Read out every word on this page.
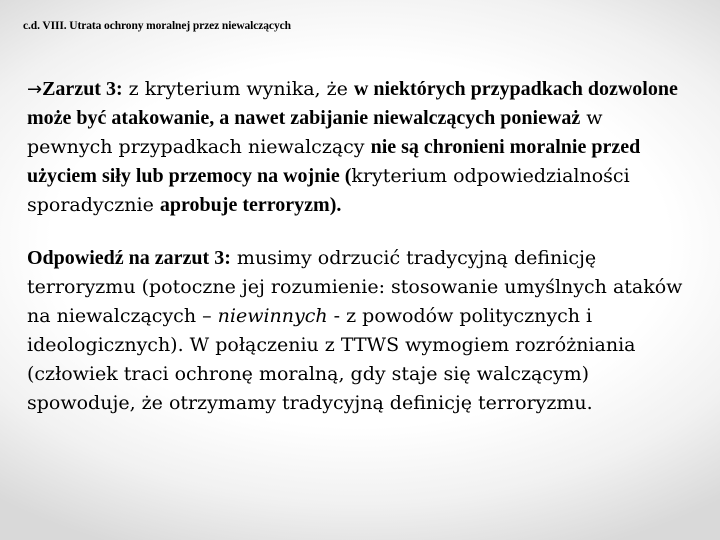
c.d. VIII. Utrata ochrony moralnej przez niewalczących

→Zarzut 3: z kryterium wynika, że w niektórych przypadkach dozwolone może być atakowanie, a nawet zabijanie niewalczących ponieważ w pewnych przypadkach niewalczący nie są chronieni moralnie przed użyciem siły lub przemocy na wojnie (kryterium odpowiedzialności sporadycznie aprobuje terroryzm).

Odpowiedź na zarzut 3: musimy odrzucić tradycyjną definicję terroryzmu (potoczne jej rozumienie: stosowanie umyślnych ataków na niewalczących – niewinnych - z powodów politycznych i ideologicznych). W połączeniu z TTWS wymogiem rozróżniania (człowiek traci ochronę moralną, gdy staje się walczącym) spowoduje, że otrzymamy tradycyjną definicję terroryzmu.
